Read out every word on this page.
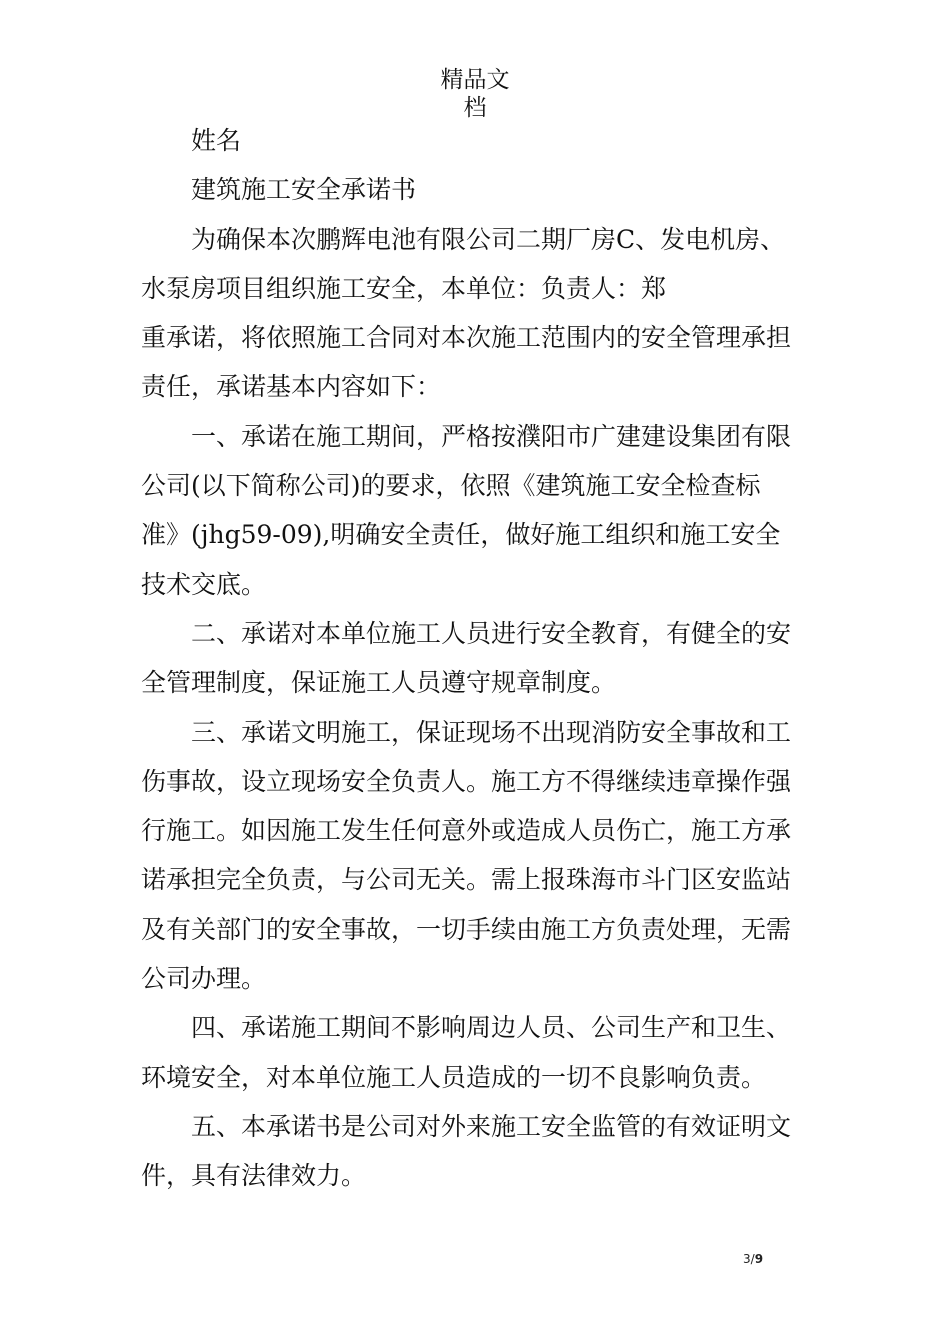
精品文
档

姓名

建筑施工安全承诺书

为确保本次鹏辉电池有限公司二期厂房C、发电机房、
水泵房项目组织施工安全，本单位：负责人：郑
重承诺，将依照施工合同对本次施工范围内的安全管理承担
责任，承诺基本内容如下：

一、承诺在施工期间，严格按濮阳市广建建设集团有限
公司(以下简称公司)的要求，依照《建筑施工安全检查标
准》(jhg59-09),明确安全责任，做好施工组织和施工安全
技术交底。

二、承诺对本单位施工人员进行安全教育，有健全的安
全管理制度，保证施工人员遵守规章制度。

三、承诺文明施工，保证现场不出现消防安全事故和工
伤事故，设立现场安全负责人。施工方不得继续违章操作强
行施工。如因施工发生任何意外或造成人员伤亡，施工方承
诺承担完全负责，与公司无关。需上报珠海市斗门区安监站
及有关部门的安全事故，一切手续由施工方负责处理，无需
公司办理。

四、承诺施工期间不影响周边人员、公司生产和卫生、
环境安全，对本单位施工人员造成的一切不良影响负责。

五、本承诺书是公司对外来施工安全监管的有效证明文
件，具有法律效力。

3/9
